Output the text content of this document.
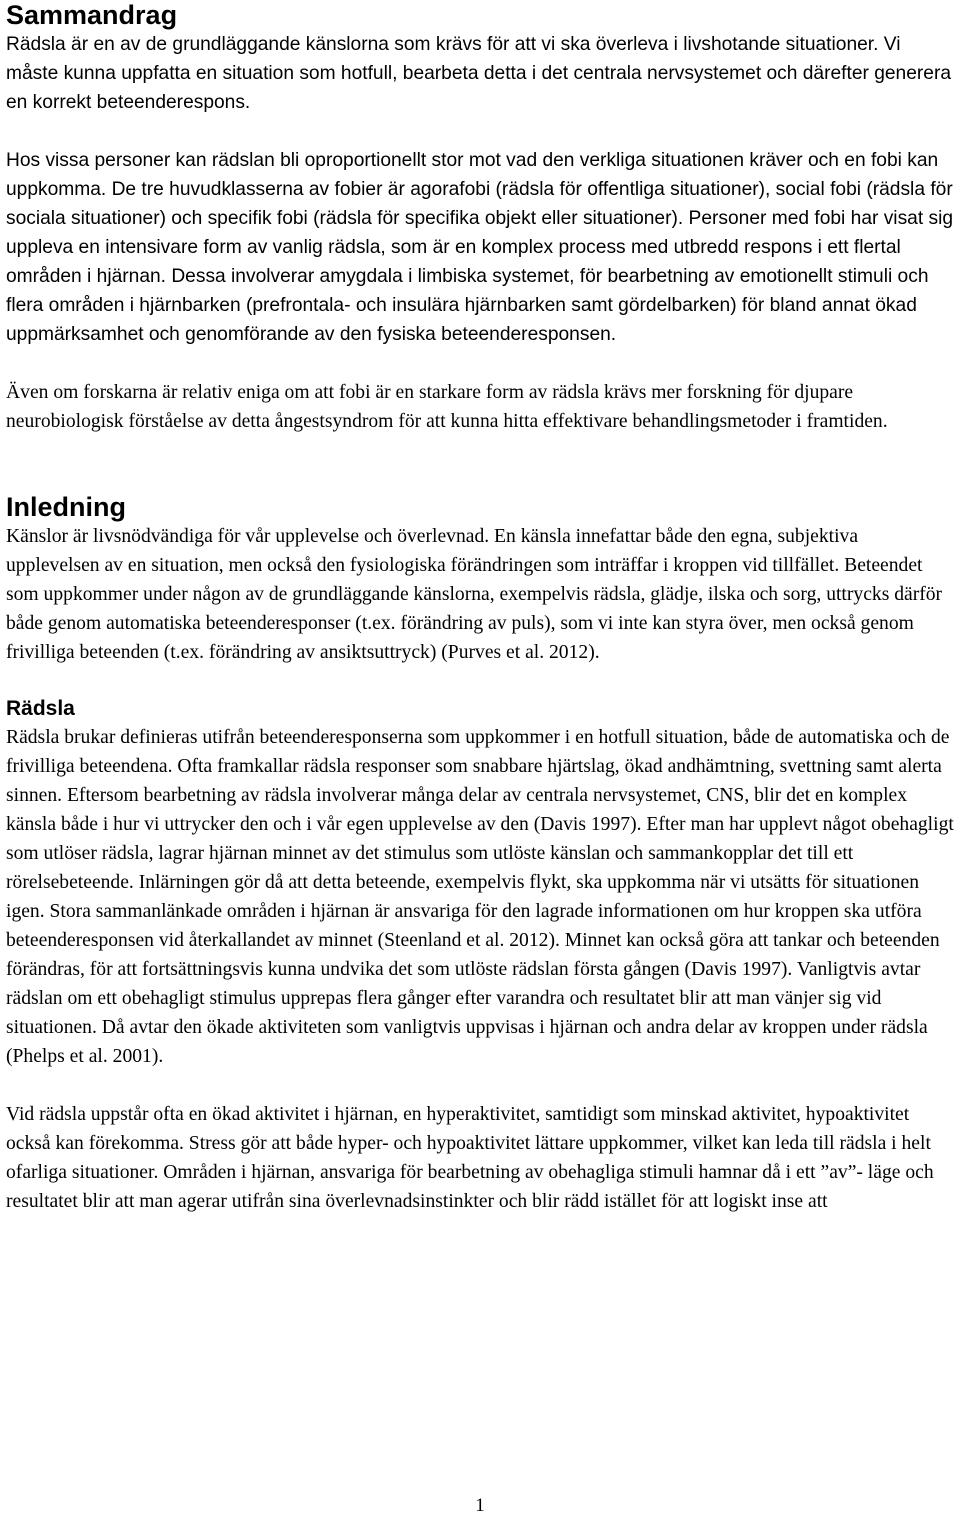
Sammandrag

Rädsla är en av de grundläggande känslorna som krävs för att vi ska överleva i livshotande situationer. Vi måste kunna uppfatta en situation som hotfull, bearbeta detta i det centrala nervsystemet och därefter generera en korrekt beteenderespons.

Hos vissa personer kan rädslan bli oproportionellt stor mot vad den verkliga situationen kräver och en fobi kan uppkomma. De tre huvudklasserna av fobier är agorafobi (rädsla för offentliga situationer), social fobi (rädsla för sociala situationer) och specifik fobi (rädsla för specifika objekt eller situationer). Personer med fobi har visat sig uppleva en intensivare form av vanlig rädsla, som är en komplex process med utbredd respons i ett flertal områden i hjärnan. Dessa involverar amygdala i limbiska systemet, för bearbetning av emotionellt stimuli och flera områden i hjärnbarken (prefrontala- och insulära hjärnbarken samt gördelbarken) för bland annat ökad uppmärksamhet och genomförande av den fysiska beteenderesponsen.

Även om forskarna är relativ eniga om att fobi är en starkare form av rädsla krävs mer forskning för djupare neurobiologisk förståelse av detta ångestsyndrom för att kunna hitta effektivare behandlingsmetoder i framtiden.

Inledning

Känslor är livsnödvändiga för vår upplevelse och överlevnad. En känsla innefattar både den egna, subjektiva upplevelsen av en situation, men också den fysiologiska förändringen som inträffar i kroppen vid tillfället. Beteendet som uppkommer under någon av de grundläggande känslorna, exempelvis rädsla, glädje, ilska och sorg, uttrycks därför både genom automatiska beteenderesponser (t.ex. förändring av puls), som vi inte kan styra över, men också genom frivilliga beteenden (t.ex. förändring av ansiktsuttryck) (Purves et al. 2012).

Rädsla

Rädsla brukar definieras utifrån beteenderesponserna som uppkommer i en hotfull situation, både de automatiska och de frivilliga beteendena. Ofta framkallar rädsla responser som snabbare hjärtslag, ökad andhämtning, svettning samt alerta sinnen. Eftersom bearbetning av rädsla involverar många delar av centrala nervsystemet, CNS, blir det en komplex känsla både i hur vi uttrycker den och i vår egen upplevelse av den (Davis 1997). Efter man har upplevt något obehagligt som utlöser rädsla, lagrar hjärnan minnet av det stimulus som utlöste känslan och sammankopplar det till ett rörelsebeteende. Inlärningen gör då att detta beteende, exempelvis flykt, ska uppkomma när vi utsätts för situationen igen. Stora sammanlänkade områden i hjärnan är ansvariga för den lagrade informationen om hur kroppen ska utföra beteenderesponsen vid återkallandet av minnet (Steenland et al. 2012). Minnet kan också göra att tankar och beteenden förändras, för att fortsättningsvis kunna undvika det som utlöste rädslan första gången (Davis 1997). Vanligtvis avtar rädslan om ett obehagligt stimulus upprepas flera gånger efter varandra och resultatet blir att man vänjer sig vid situationen. Då avtar den ökade aktiviteten som vanligtvis uppvisas i hjärnan och andra delar av kroppen under rädsla (Phelps et al. 2001).

Vid rädsla uppstår ofta en ökad aktivitet i hjärnan, en hyperaktivitet, samtidigt som minskad aktivitet, hypoaktivitet också kan förekomma. Stress gör att både hyper- och hypoaktivitet lättare uppkommer, vilket kan leda till rädsla i helt ofarliga situationer. Områden i hjärnan, ansvariga för bearbetning av obehagliga stimuli hamnar då i ett ”av”- läge och resultatet blir att man agerar utifrån sina överlevnadsinstinkter och blir rädd istället för att logiskt inse att

1
